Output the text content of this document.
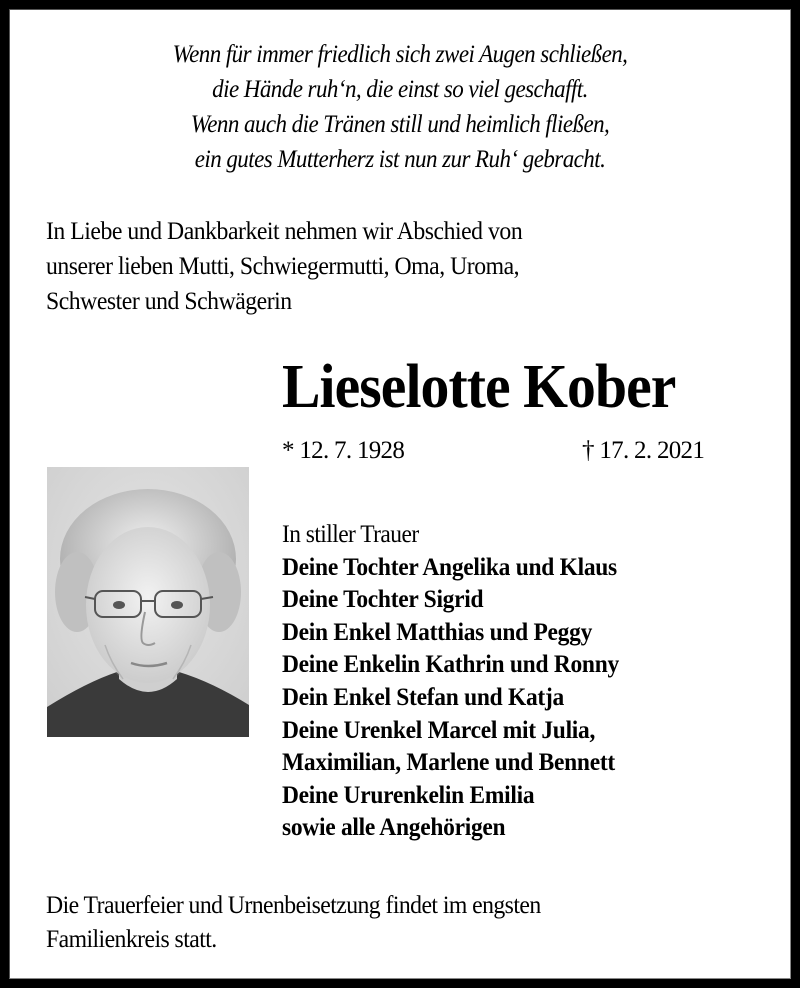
Wenn für immer friedlich sich zwei Augen schließen,
die Hände ruh‘n, die einst so viel geschafft.
Wenn auch die Tränen still und heimlich fließen,
ein gutes Mutterherz ist nun zur Ruh‘ gebracht.
In Liebe und Dankbarkeit nehmen wir Abschied von
unserer lieben Mutti, Schwiegermutti, Oma, Uroma,
Schwester und Schwägerin
Lieselotte Kober
* 12. 7. 1928	† 17. 2. 2021
In stiller Trauer
Deine Tochter Angelika und Klaus
Deine Tochter Sigrid
Dein Enkel Matthias und Peggy
Deine Enkelin Kathrin und Ronny
Dein Enkel Stefan und Katja
Deine Urenkel Marcel mit Julia,
Maximilian, Marlene und Bennett
Deine Ururenkelin Emilia
sowie alle Angehörigen
Die Trauerfeier und Urnenbeisetzung findet im engsten
Familienkreis statt.
